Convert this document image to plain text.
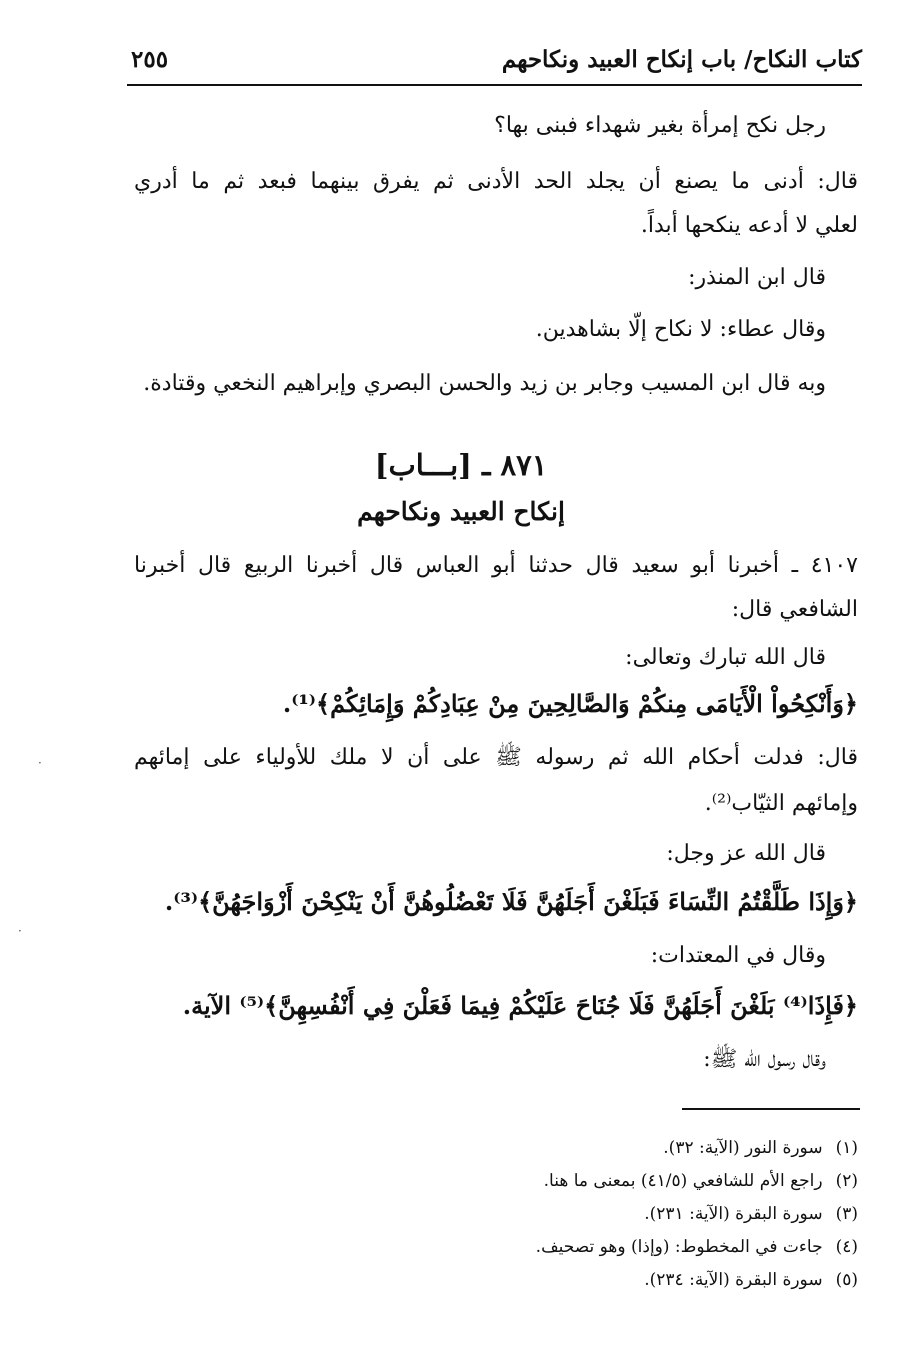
كتاب النكاح/ باب إنكاح العبيد ونكاحهم
٢٥٥
رجل نكح إمرأة بغير شهداء فبنى بها؟
قال: أدنى ما يصنع أن يجلد الحد الأدنى ثم يفرق بينهما فبعد ثم ما أدري
لعلي لا أدعه ينكحها أبداً.
قال ابن المنذر:
وقال عطاء: لا نكاح إلّا بشاهدين.
وبه قال ابن المسيب وجابر بن زيد والحسن البصري وإبراهيم النخعي وقتادة.
٨٧١ ـ [بـــاب]
إنكاح العبيد ونكاحهم
٤١٠٧ ـ أخبرنا أبو سعيد قال حدثنا أبو العباس قال أخبرنا الربيع قال أخبرنا
الشافعي قال:
قال الله تبارك وتعالى:
﴿وَأَنْكِحُواْ الْأَيَامَى مِنكُمْ وَالصَّالِحِينَ مِنْ عِبَادِكُمْ وَإِمَائِكُمْ﴾⁽¹⁾.
قال: فدلت أحكام الله ثم رسوله ﷺ على أن لا ملك للأولياء على إمائهم
وإمائهم الثيّاب⁽²⁾.
قال الله عز وجل:
﴿وَإِذَا طَلَّقْتُمُ النِّسَاءَ فَبَلَغْنَ أَجَلَهُنَّ فَلَا تَعْضُلُوهُنَّ أَنْ يَنْكِحْنَ أَزْوَاجَهُنَّ﴾⁽³⁾.
وقال في المعتدات:
﴿فَإِذَا⁽⁴⁾ بَلَغْنَ أَجَلَهُنَّ فَلَا جُنَاحَ عَلَيْكُمْ فِيمَا فَعَلْنَ فِي أَنْفُسِهِنَّ﴾⁽⁵⁾ الآية.
وقال رسول الله ﷺ:
(١) سورة النور (الآية: ٣٢).
(٢) راجع الأم للشافعي (٤١/٥) بمعنى ما هنا.
(٣) سورة البقرة (الآية: ٢٣١).
(٤) جاءت في المخطوط: (وإذا) وهو تصحيف.
(٥) سورة البقرة (الآية: ٢٣٤).
·
·
